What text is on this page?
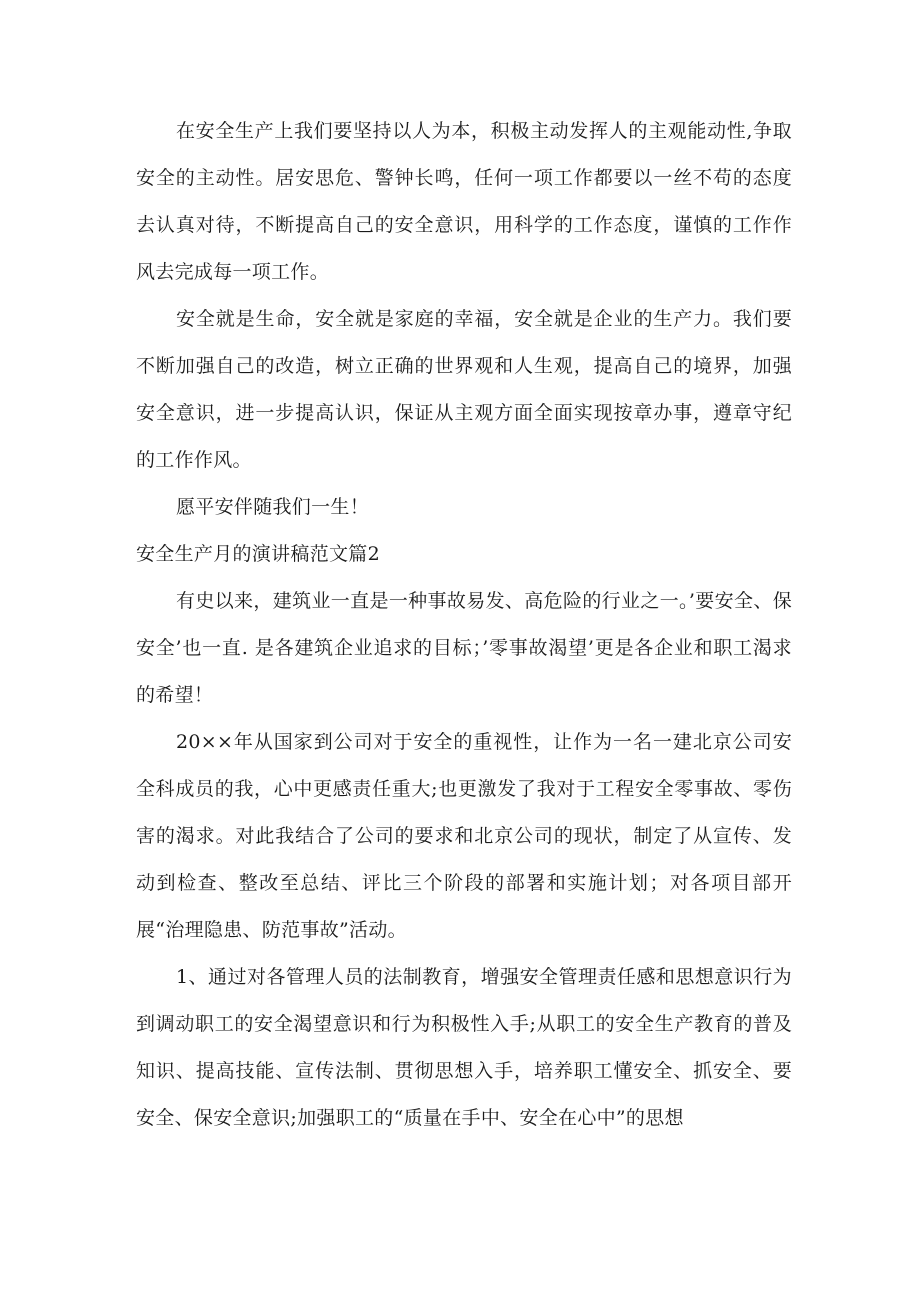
在安全生产上我们要坚持以人为本，积极主动发挥人的主观能动性,争取安全的主动性。居安思危、警钟长鸣，任何一项工作都要以一丝不苟的态度去认真对待，不断提高自己的安全意识，用科学的工作态度，谨慎的工作作风去完成每一项工作。

安全就是生命，安全就是家庭的幸福，安全就是企业的生产力。我们要不断加强自己的改造，树立正确的世界观和人生观，提高自己的境界，加强安全意识，进一步提高认识，保证从主观方面全面实现按章办事，遵章守纪的工作作风。

愿平安伴随我们一生！

安全生产月的演讲稿范文篇2

有史以来，建筑业一直是一种事故易发、高危险的行业之一。’要安全、保安全’也一直. 是各建筑企业追求的目标；’零事故渴望’更是各企业和职工渴求的希望！

20××年从国家到公司对于安全的重视性，让作为一名一建北京公司安全科成员的我，心中更感责任重大;也更激发了我对于工程安全零事故、零伤害的渴求。对此我结合了公司的要求和北京公司的现状，制定了从宣传、发动到检查、整改至总结、评比三个阶段的部署和实施计划；对各项目部开展“治理隐患、防范事故”活动。

1、通过对各管理人员的法制教育，增强安全管理责任感和思想意识行为到调动职工的安全渴望意识和行为积极性入手;从职工的安全生产教育的普及知识、提高技能、宣传法制、贯彻思想入手，培养职工懂安全、抓安全、要安全、保安全意识;加强职工的“质量在手中、安全在心中”的思想
